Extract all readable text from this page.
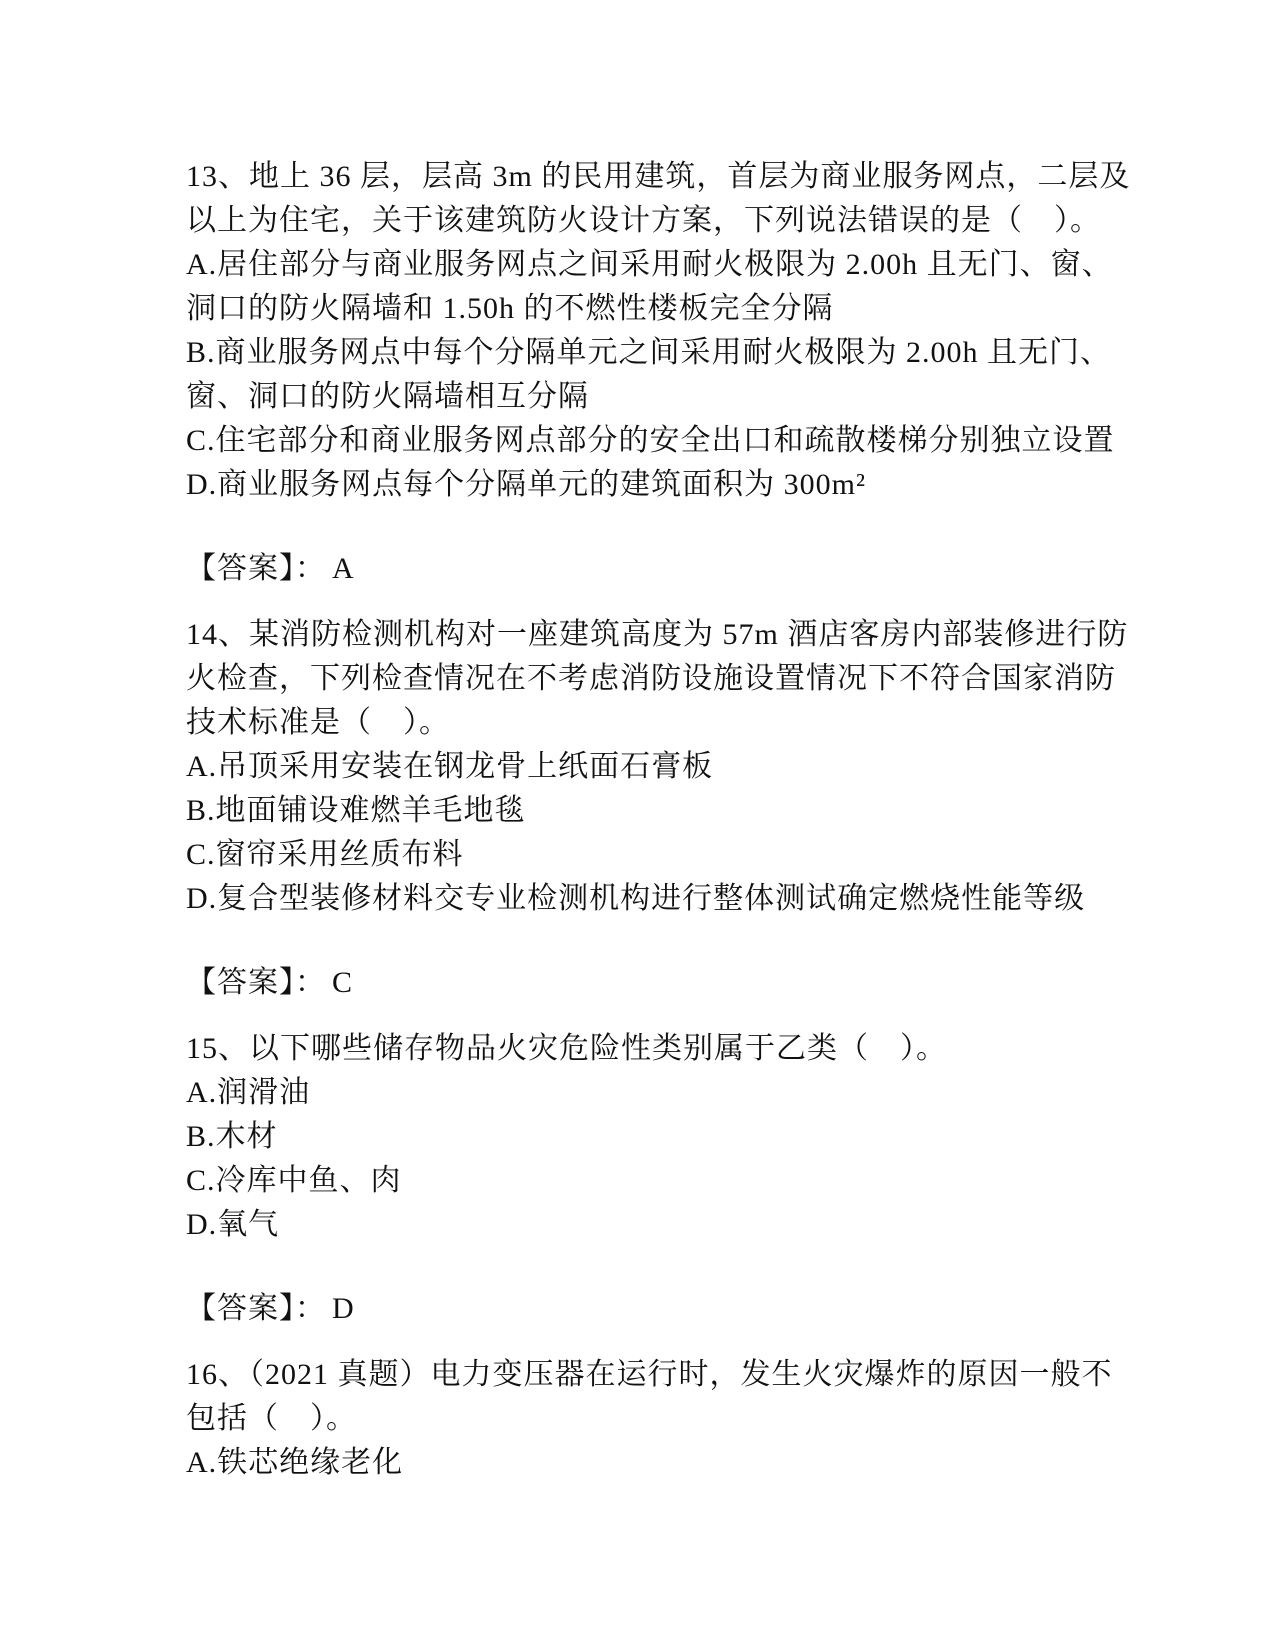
13、地上 36 层，层高 3m 的民用建筑，首层为商业服务网点，二层及

以上为住宅，关于该建筑防火设计方案，下列说法错误的是（　）。

A.居住部分与商业服务网点之间采用耐火极限为 2.00h 且无门、窗、

洞口的防火隔墙和 1.50h 的不燃性楼板完全分隔

B.商业服务网点中每个分隔单元之间采用耐火极限为 2.00h 且无门、

窗、洞口的防火隔墙相互分隔

C.住宅部分和商业服务网点部分的安全出口和疏散楼梯分别独立设置

D.商业服务网点每个分隔单元的建筑面积为 300m²

【答案】： A

14、某消防检测机构对一座建筑高度为 57m 酒店客房内部装修进行防

火检查，下列检查情况在不考虑消防设施设置情况下不符合国家消防

技术标准是（　）。

A.吊顶采用安装在钢龙骨上纸面石膏板

B.地面铺设难燃羊毛地毯

C.窗帘采用丝质布料

D.复合型装修材料交专业检测机构进行整体测试确定燃烧性能等级

【答案】： C

15、以下哪些储存物品火灾危险性类别属于乙类（　）。

A.润滑油

B.木材

C.冷库中鱼、肉

D.氧气

【答案】： D

16、（2021 真题）电力变压器在运行时，发生火灾爆炸的原因一般不

包括（　）。

A.铁芯绝缘老化
